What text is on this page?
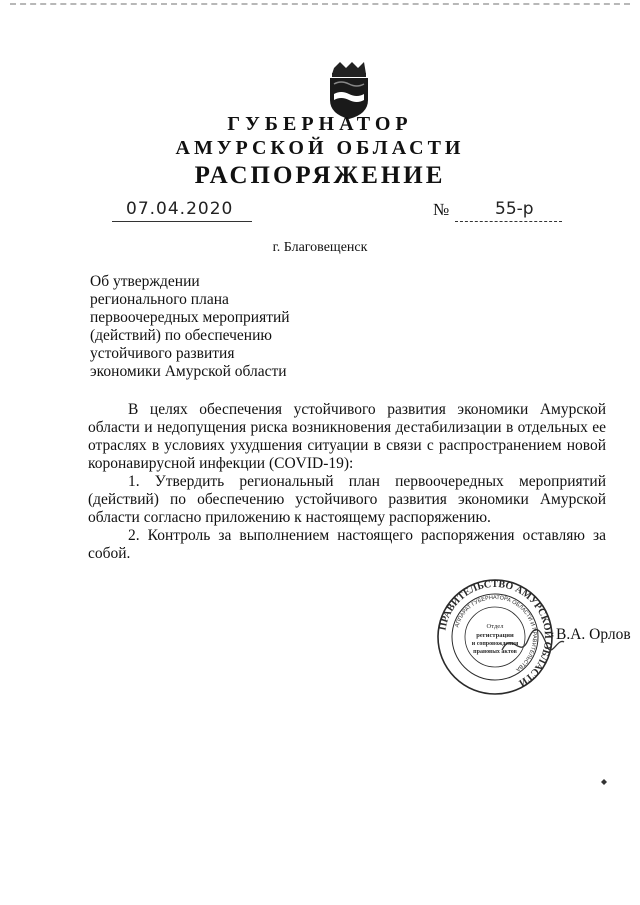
ГУБЕРНАТОР
АМУРСКОЙ ОБЛАСТИ
РАСПОРЯЖЕНИЕ
07.04.2020	№	55-р
г. Благовещенск
Об утверждении
регионального плана
первоочередных мероприятий
(действий) по обеспечению
устойчивого развития
экономики Амурской области

В целях обеспечения устойчивого развития экономики Амурской области и недопущения риска возникновения дестабилизации в отдельных ее отраслях в условиях ухудшения ситуации в связи с распространением новой коронавирусной инфекции (COVID-19):

1. Утвердить региональный план первоочередных мероприятий (действий) по обеспечению устойчивого развития экономики Амурской области согласно приложению к настоящему распоряжению.

2. Контроль за выполнением настоящего распоряжения оставляю за собой.

ПРАВИТЕЛЬСТВО АМУРСКОЙ ОБЛАСТИ
АППАРАТ ГУБЕРНАТОРА ОБЛАСТИ И ПРАВИТЕЛЬСТВА
Отдел
регистрации
и сопровождения
правовых актов
В.А. Орлов
